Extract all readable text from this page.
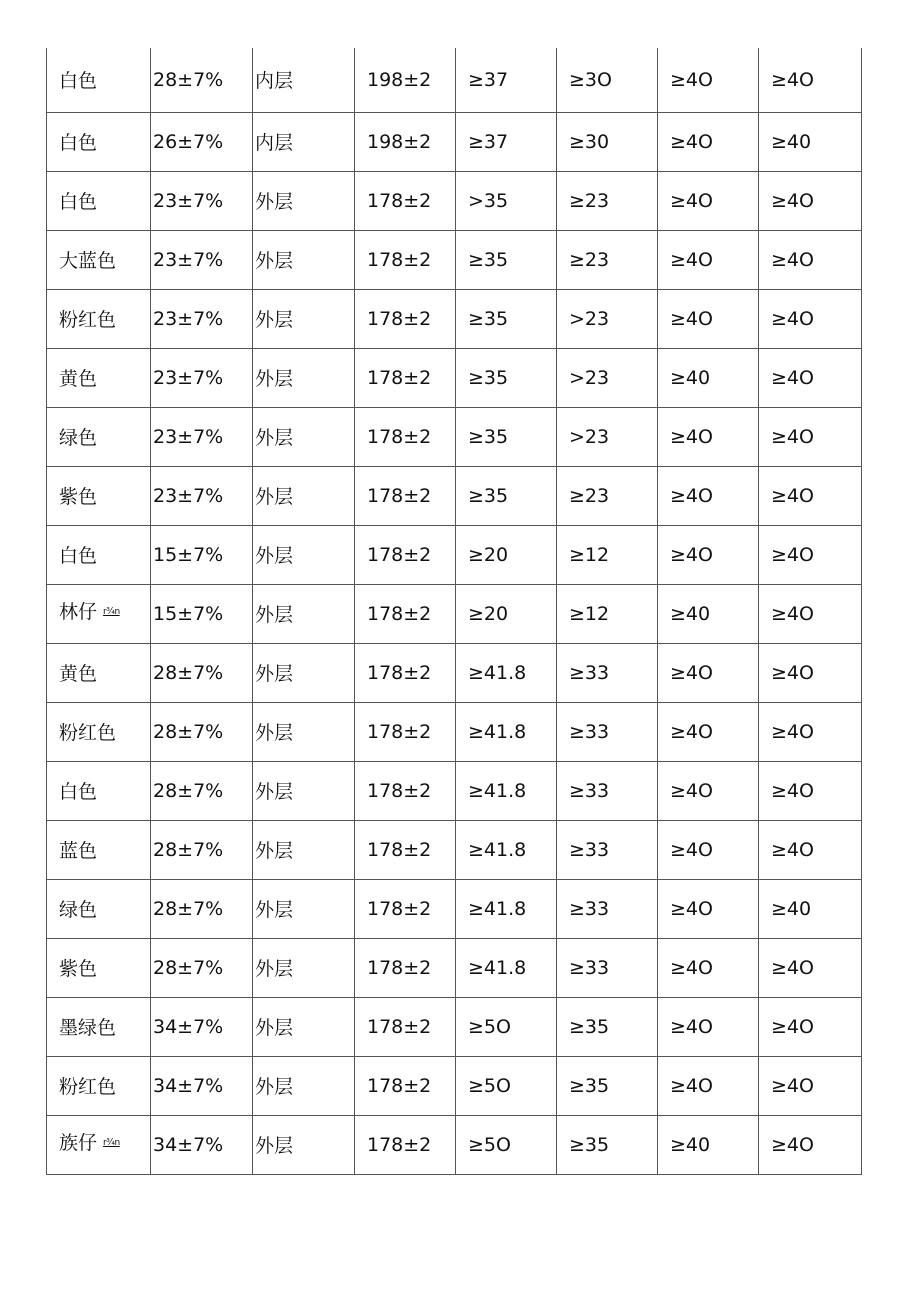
白色	28±7%	内层	198±2	≥37	≥3O	≥4O	≥4O
白色	26±7%	内层	198±2	≥37	≥30	≥4O	≥40
白色	23±7%	外层	178±2	>35	≥23	≥4O	≥4O
大蓝色	23±7%	外层	178±2	≥35	≥23	≥4O	≥4O
粉红色	23±7%	外层	178±2	≥35	>23	≥4O	≥4O
黄色	23±7%	外层	178±2	≥35	>23	≥40	≥4O
绿色	23±7%	外层	178±2	≥35	>23	≥4O	≥4O
紫色	23±7%	外层	178±2	≥35	≥23	≥4O	≥4O
白色	15±7%	外层	178±2	≥20	≥12	≥4O	≥4O
林仔 r¾n	15±7%	外层	178±2	≥20	≥12	≥40	≥4O
黄色	28±7%	外层	178±2	≥41.8	≥33	≥4O	≥4O
粉红色	28±7%	外层	178±2	≥41.8	≥33	≥4O	≥4O
白色	28±7%	外层	178±2	≥41.8	≥33	≥4O	≥4O
蓝色	28±7%	外层	178±2	≥41.8	≥33	≥4O	≥4O
绿色	28±7%	外层	178±2	≥41.8	≥33	≥4O	≥40
紫色	28±7%	外层	178±2	≥41.8	≥33	≥4O	≥4O
墨绿色	34±7%	外层	178±2	≥5O	≥35	≥4O	≥4O
粉红色	34±7%	外层	178±2	≥5O	≥35	≥4O	≥4O
族仔 r¾n	34±7%	外层	178±2	≥5O	≥35	≥40	≥4O
